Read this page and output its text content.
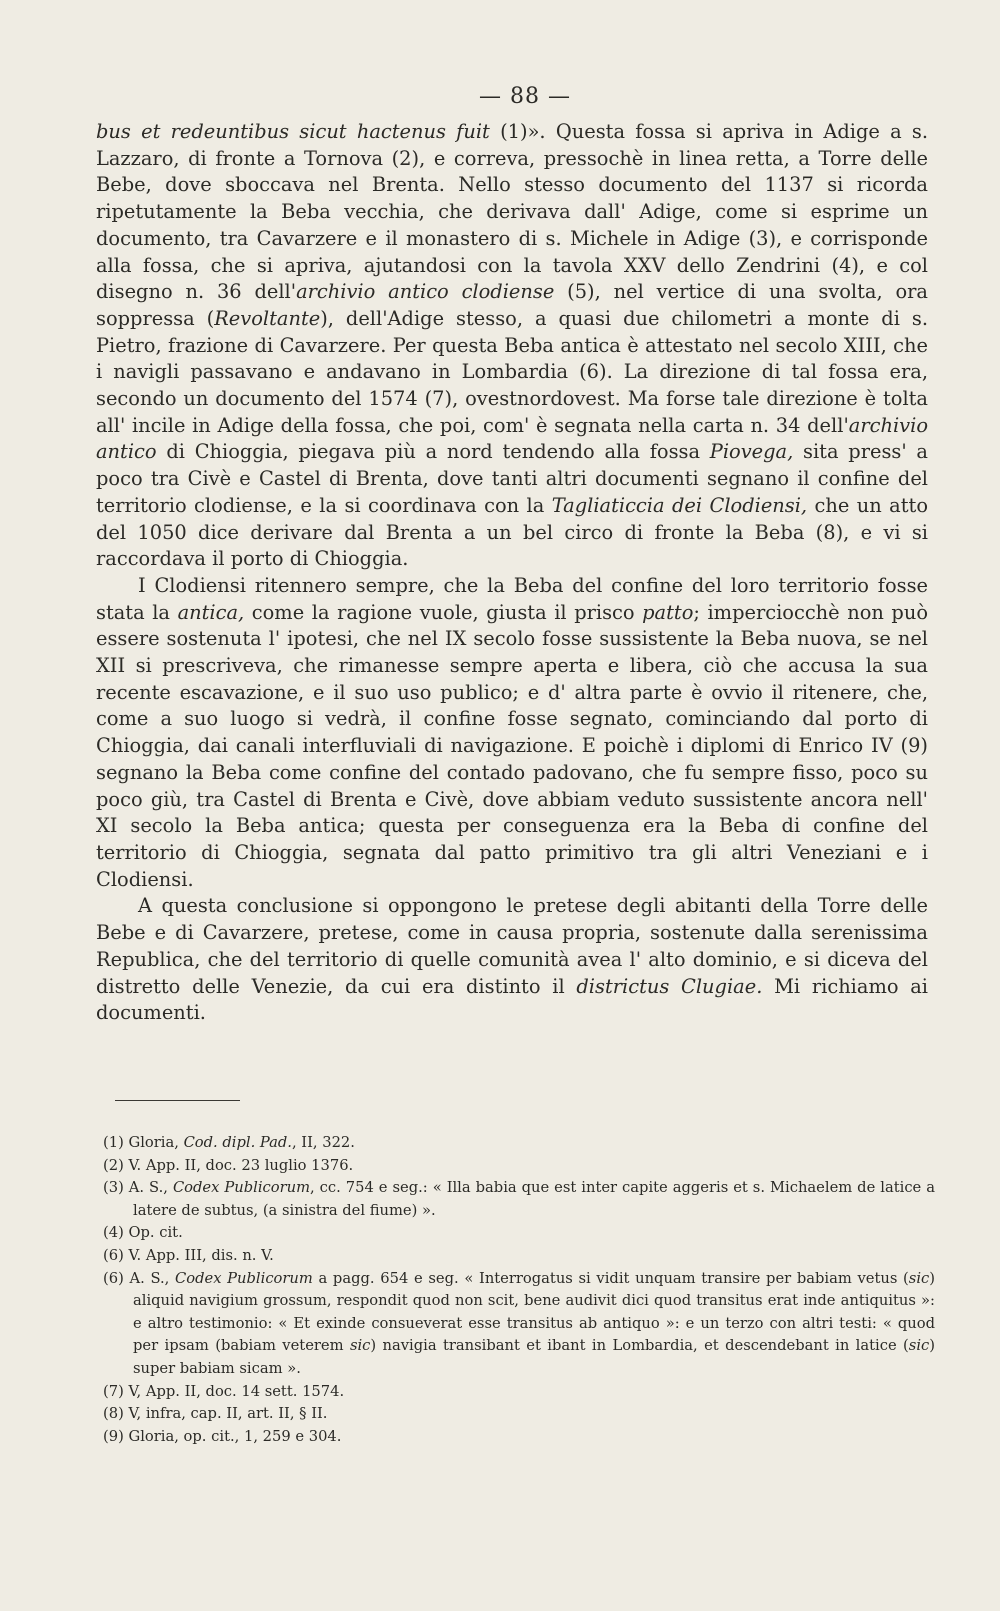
— 88 —

bus et redeuntibus sicut hactenus fuit (1)». Questa fossa si apriva in Adige a s. Lazzaro, di fronte a Tornova (2), e correva, pressochè in linea retta, a Torre delle Bebe, dove sboccava nel Brenta. Nello stesso documento del 1137 si ricorda ripetutamente la Beba vecchia, che derivava dall' Adige, come si esprime un documento, tra Cavarzere e il monastero di s. Michele in Adige (3), e corrisponde alla fossa, che si apriva, ajutandosi con la tavola XXV dello Zendrini (4), e col disegno n. 36 dell'archivio antico clodiense (5), nel vertice di una svolta, ora soppressa (Revoltante), dell'Adige stesso, a quasi due chilometri a monte di s. Pietro, frazione di Cavarzere. Per questa Beba antica è attestato nel secolo XIII, che i navigli passavano e andavano in Lombardia (6). La direzione di tal fossa era, secondo un documento del 1574 (7), ovestnordovest. Ma forse tale direzione è tolta all' incile in Adige della fossa, che poi, com' è segnata nella carta n. 34 dell'archivio antico di Chioggia, piegava più a nord tendendo alla fossa Piovega, sita press' a poco tra Civè e Castel di Brenta, dove tanti altri documenti segnano il confine del territorio clodiense, e la si coordinava con la Tagliaticcia dei Clodiensi, che un atto del 1050 dice derivare dal Brenta a un bel circo di fronte la Beba (8), e vi si raccordava il porto di Chioggia.

I Clodiensi ritennero sempre, che la Beba del confine del loro territorio fosse stata la antica, come la ragione vuole, giusta il prisco patto; imperciocchè non può essere sostenuta l' ipotesi, che nel IX secolo fosse sussistente la Beba nuova, se nel XII si prescriveva, che rimanesse sempre aperta e libera, ciò che accusa la sua recente escavazione, e il suo uso publico; e d' altra parte è ovvio il ritenere, che, come a suo luogo si vedrà, il confine fosse segnato, cominciando dal porto di Chioggia, dai canali interfluviali di navigazione. E poichè i diplomi di Enrico IV (9) segnano la Beba come confine del contado padovano, che fu sempre fisso, poco su poco giù, tra Castel di Brenta e Civè, dove abbiam veduto sussistente ancora nell' XI secolo la Beba antica; questa per conseguenza era la Beba di confine del territorio di Chioggia, segnata dal patto primitivo tra gli altri Veneziani e i Clodiensi.

A questa conclusione si oppongono le pretese degli abitanti della Torre delle Bebe e di Cavarzere, pretese, come in causa propria, sostenute dalla serenissima Republica, che del territorio di quelle comunità avea l' alto dominio, e si diceva del distretto delle Venezie, da cui era distinto il districtus Clugiae. Mi richiamo ai documenti.

(1) Gloria, Cod. dipl. Pad., II, 322.

(2) V. App. II, doc. 23 luglio 1376.

(3) A. S., Codex Publicorum, cc. 754 e seg.: « Illa babia que est inter capite aggeris et s. Michaelem de latice a latere de subtus, (a sinistra del fiume) ».

(4) Op. cit.

(6) V. App. III, dis. n. V.

(6) A. S., Codex Publicorum a pagg. 654 e seg. « Interrogatus si vidit unquam transire per babiam vetus (sic) aliquid navigium grossum, respondit quod non scit, bene audivit dici quod transitus erat inde antiquitus »: e altro testimonio: « Et exinde consueverat esse transitus ab antiquo »: e un terzo con altri testi: « quod per ipsam (babiam veterem sic) navigia transibant et ibant in Lombardia, et descendebant in latice (sic) super babiam sicam ».

(7) V, App. II, doc. 14 sett. 1574.

(8) V, infra, cap. II, art. II, § II.

(9) Gloria, op. cit., 1, 259 e 304.
